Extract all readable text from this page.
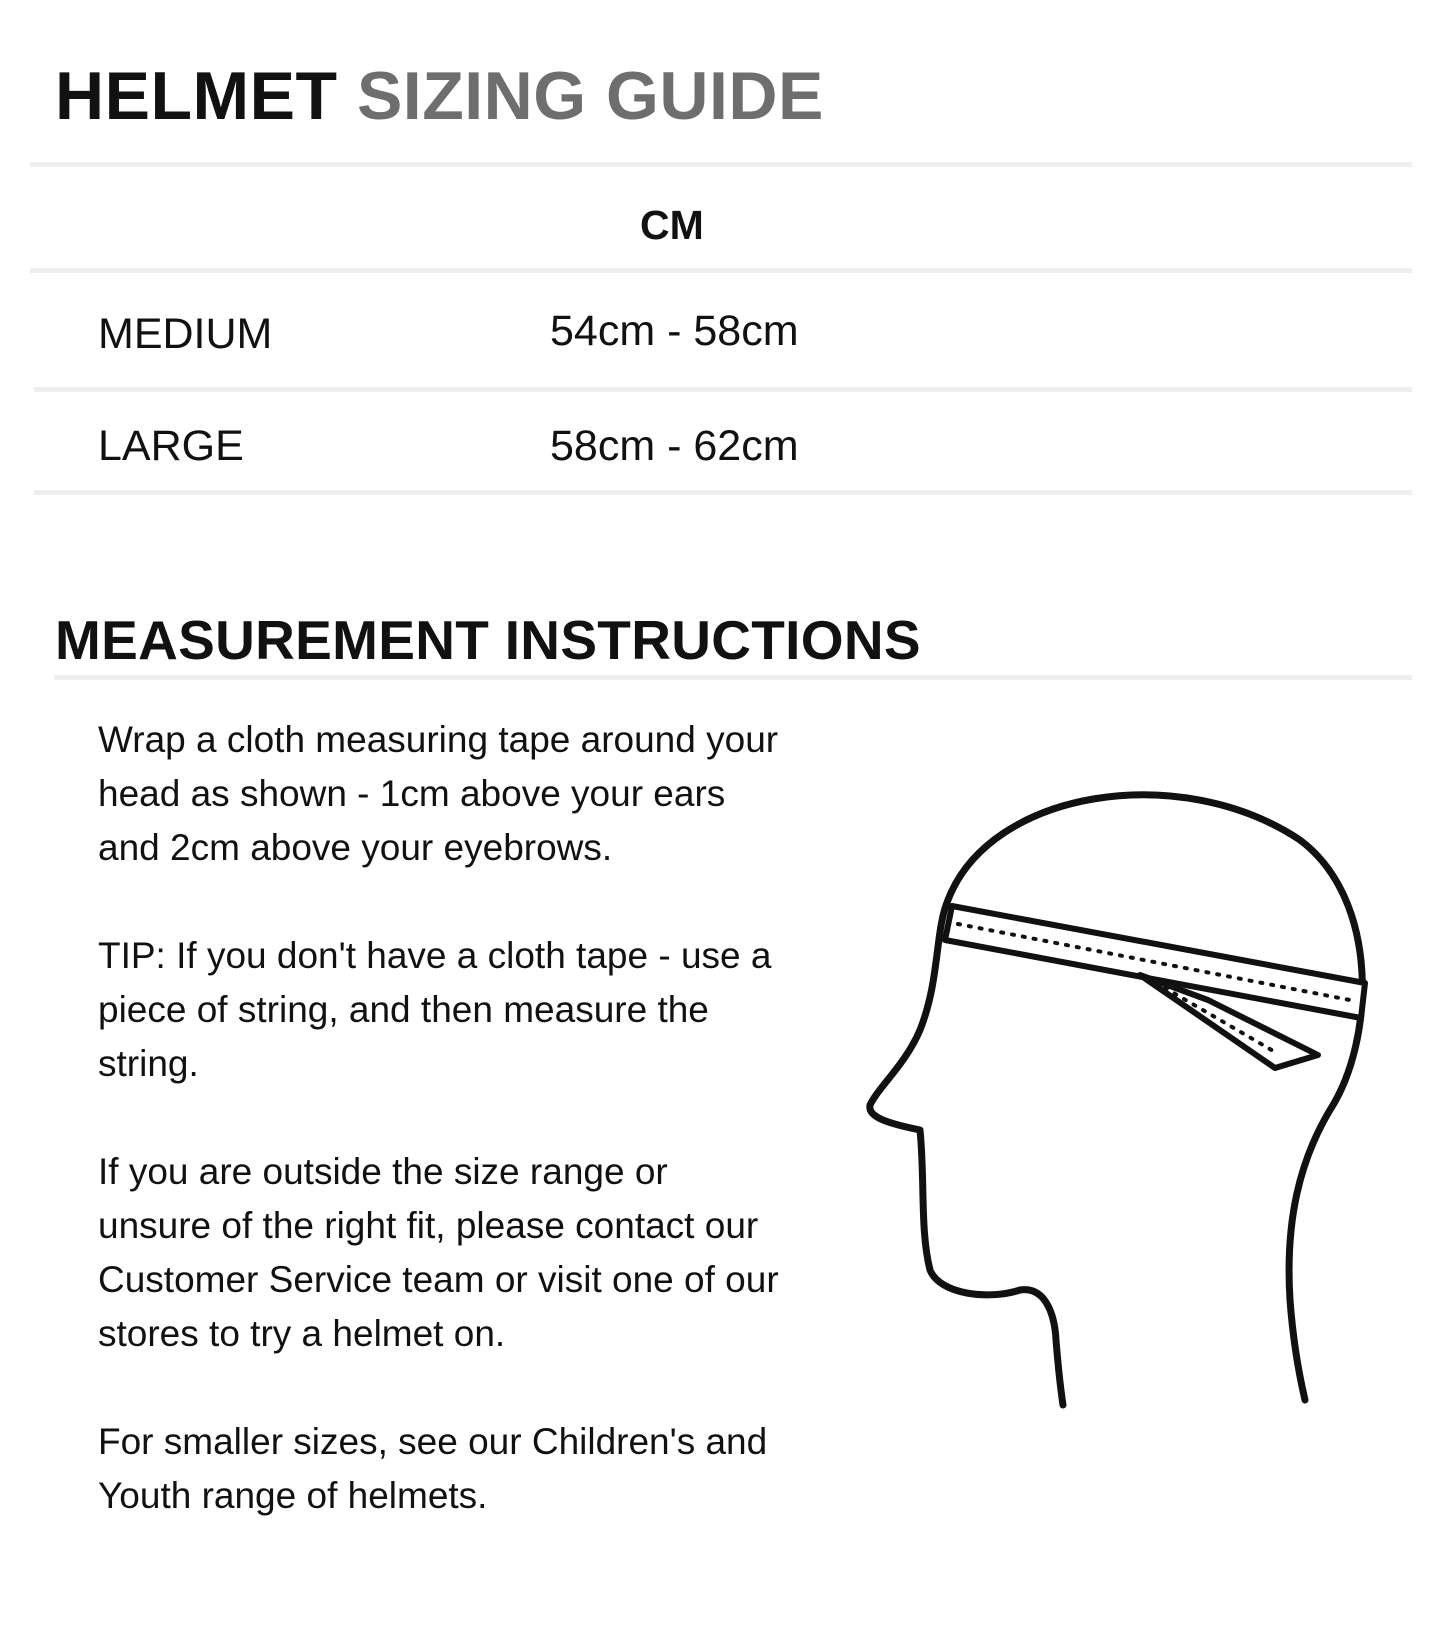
HELMET SIZING GUIDE
CM
MEDIUM	54cm - 58cm
LARGE	58cm - 62cm
MEASUREMENT INSTRUCTIONS

Wrap a cloth measuring tape around your head as shown - 1cm above your ears and 2cm above your eyebrows.

TIP: If you don't have a cloth tape - use a piece of string, and then measure the string.

If you are outside the size range or unsure of the right fit, please contact our Customer Service team or visit one of our stores to try a helmet on.

For smaller sizes, see our Children's and Youth range of helmets.
